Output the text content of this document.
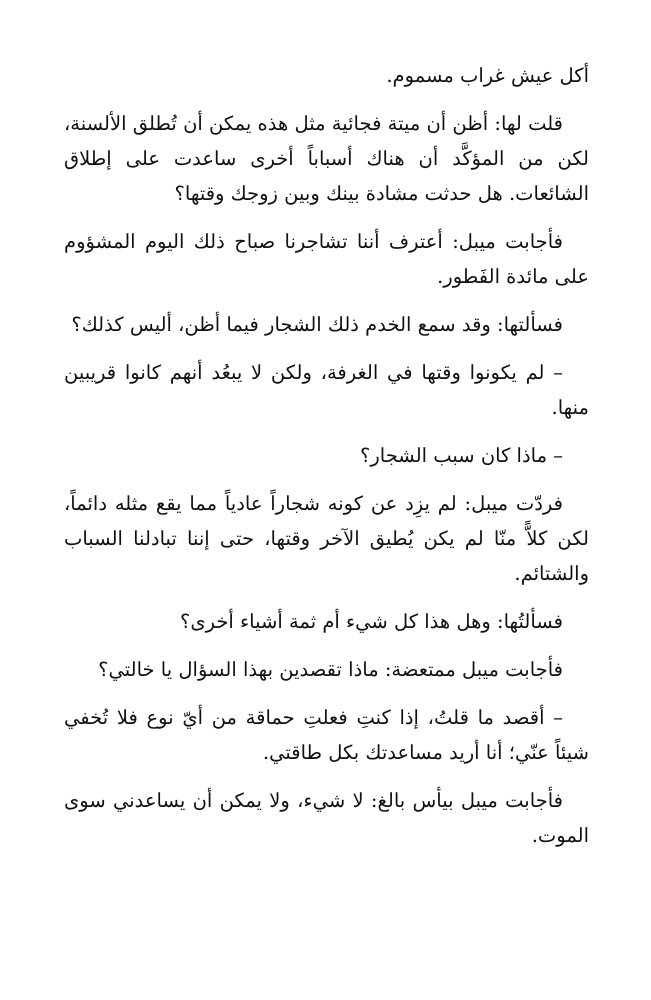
أكل عيش غراب مسموم.

قلت لها: أظن أن ميتة فجائية مثل هذه يمكن أن تُطلق الألسنة، لكن من المؤكَّد أن هناك أسباباً أخرى ساعدت على إطلاق الشائعات. هل حدثت مشادة بينك وبين زوجك وقتها؟

فأجابت ميبل: أعترف أننا تشاجرنا صباح ذلك اليوم المشؤوم على مائدة الفَطور.

فسألتها: وقد سمع الخدم ذلك الشجار فيما أظن، أليس كذلك؟

– لم يكونوا وقتها في الغرفة، ولكن لا يبعُد أنهم كانوا قريبين منها.

– ماذا كان سبب الشجار؟

فردّت ميبل: لم يزِد عن كونه شجاراً عادياً مما يقع مثله دائماً، لكن كلاًّ منّا لم يكن يُطيق الآخر وقتها، حتى إننا تبادلنا السباب والشتائم.

فسألتُها: وهل هذا كل شيء أم ثمة أشياء أخرى؟

فأجابت ميبل ممتعضة: ماذا تقصدين بهذا السؤال يا خالتي؟

– أقصد ما قلتُ، إذا كنتِ فعلتِ حماقة من أيّ نوع فلا تُخفي شيئاً عنّي؛ أنا أريد مساعدتك بكل طاقتي.

فأجابت ميبل بيأس بالغ: لا شيء، ولا يمكن أن يساعدني سوى الموت.
